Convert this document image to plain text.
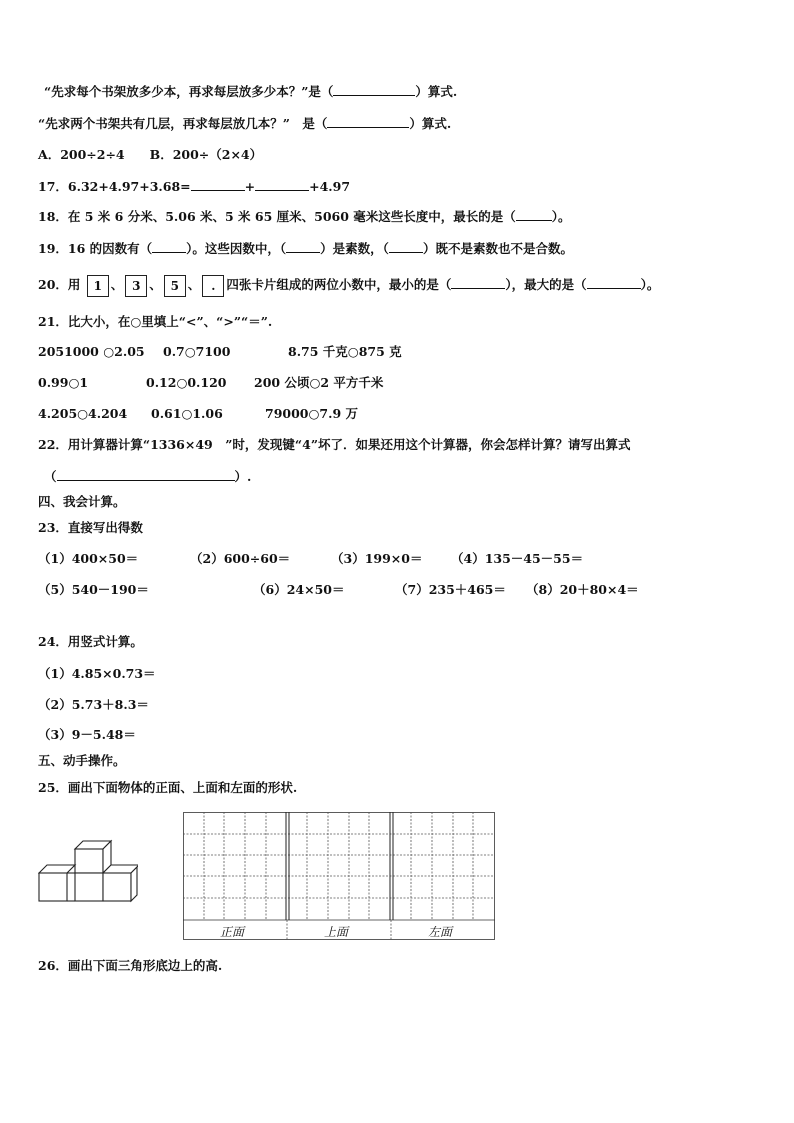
“先求每个书架放多少本，再求每层放多少本？”是（	）算式.
“先求两个书架共有几层，再求每层放几本？”　是（	）算式.
A．200÷2÷4　　B．200÷（2×4）
17．6.32+4.97+3.68=	+	+4.97
18．在 5 米 6 分米、5.06 米、5 米 65 厘米、5060 毫米这些长度中，最长的是（	）。
19．16 的因数有（	）。这些因数中，（	）是素数，（	）既不是素数也不是合数。
20．用 1 、 3 、 5 、 . 四张卡片组成的两位小数中，最小的是（	），最大的是（	）。
21．比大小，在○里填上“<”、“>”“＝”.
2051000 ○2.05 0.7○7100	8.75 千克○875 克
0.99○1	0.12○0.120 200 公顷○2 平方千米
4.205○4.204 0.61○1.06	79000○7.9 万
22．用计算器计算“1336×49　”时，发现键“4”坏了．如果还用这个计算器，你会怎样计算？请写出算式
（	）.
四、我会计算。
23．直接写出得数
（1）400×50＝	（2）600÷60＝	（3）199×0＝ （4）135－45－55＝
（5）540－190＝	（6）24×50＝	（7）235＋465＝ （8）20＋80×4＝
24．用竖式计算。
（1）4.85×0.73＝
（2）5.73＋8.3＝
（3）9－5.48＝
五、动手操作。
25．画出下面物体的正面、上面和左面的形状.
正面	上面	左面
26．画出下面三角形底边上的高.
